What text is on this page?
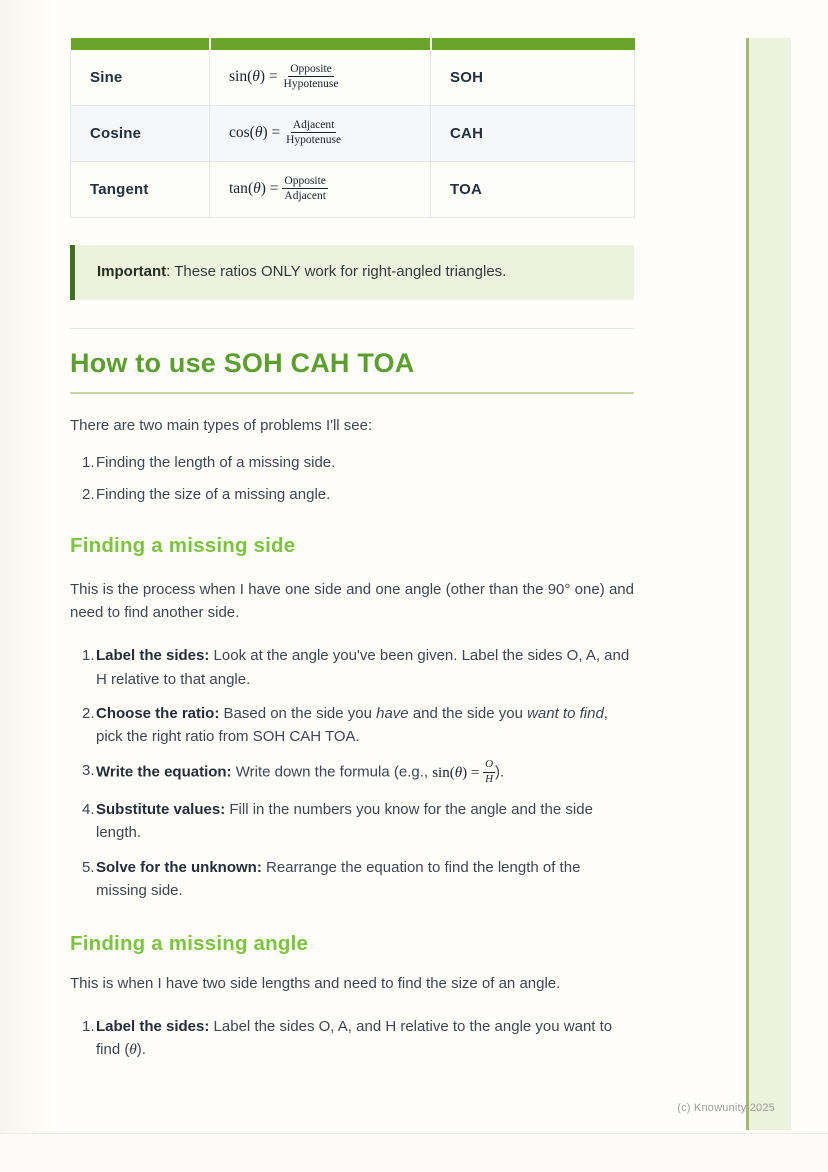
Sine	$\sin(\theta) = \frac{\text{Opposite}}{\text{Hypotenuse}}$	SOH
Cosine	$\cos(\theta) = \frac{\text{Adjacent}}{\text{Hypotenuse}}$	CAH
Tangent	$\tan(\theta) = \frac{\text{Opposite}}{\text{Adjacent}}$	TOA
Important: These ratios ONLY work for right-angled triangles.
How to use SOH CAH TOA
There are two main types of problems I'll see:
1. Finding the length of a missing side.
2. Finding the size of a missing angle.
Finding a missing side
This is the process when I have one side and one angle (other than the 90° one) and need to find another side.
1. Label the sides: Look at the angle you've been given. Label the sides O, A, and H relative to that angle.
2. Choose the ratio: Based on the side you have and the side you want to find, pick the right ratio from SOH CAH TOA.
3. Write the equation: Write down the formula (e.g., $\sin(\theta) = \frac{O}{H}$ ).
4. Substitute values: Fill in the numbers you know for the angle and the side length.
5. Solve for the unknown: Rearrange the equation to find the length of the missing side.
Finding a missing angle
This is when I have two side lengths and need to find the size of an angle.
1. Label the sides: Label the sides O, A, and H relative to the angle you want to find (θ).
(c) Knowunity 2025
